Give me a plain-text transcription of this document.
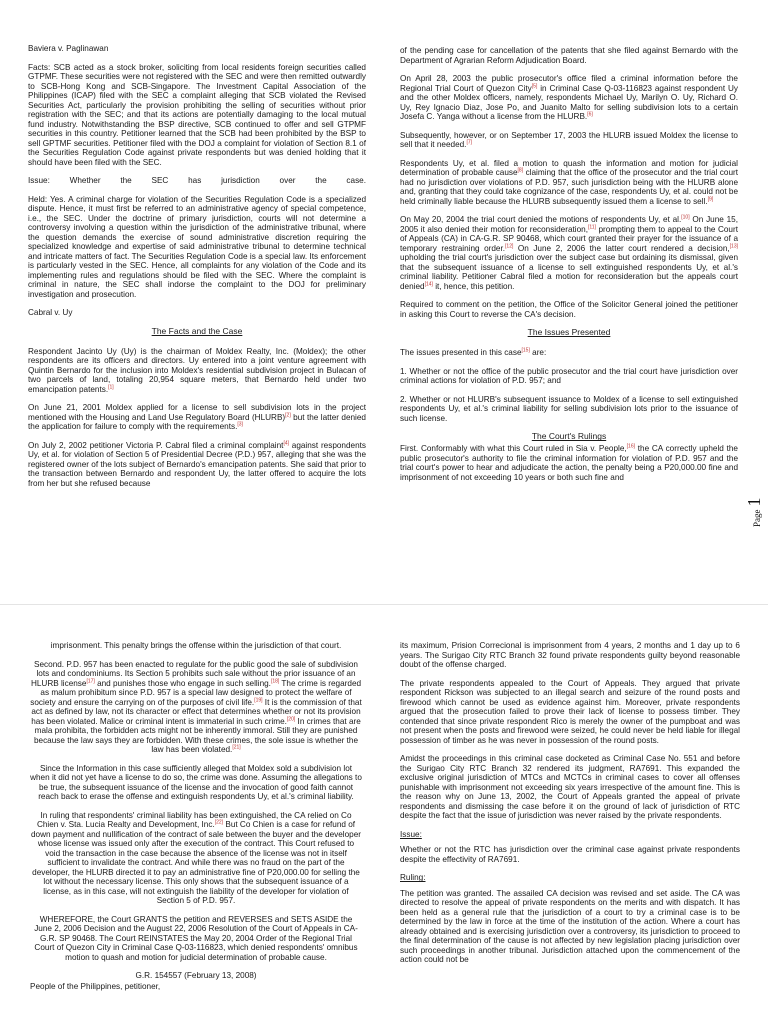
Baviera v. Paglinawan

Facts: SCB acted as a stock broker, soliciting from local residents foreign securities called GTPMF. These securities were not registered with the SEC and were then remitted outwardly to SCB-Hong Kong and SCB-Singapore. The Investment Capital Association of the Philippines (ICAP) filed with the SEC a complaint alleging that SCB violated the Revised Securities Act, particularly the provision prohibiting the selling of securities without prior registration with the SEC; and that its actions are potentially damaging to the local mutual fund industry. Notwithstanding the BSP directive, SCB continued to offer and sell GTPMF securities in this country. Petitioner learned that the SCB had been prohibited by the BSP to sell GPTMF securities. Petitioner filed with the DOJ a complaint for violation of Section 8.1 of the Securities Regulation Code against private respondents but was denied holding that it should have been filed with the SEC.

Issue: Whether the SEC has jurisdiction over the case.

Held: Yes. A criminal charge for violation of the Securities Regulation Code is a specialized dispute. Hence, it must first be referred to an administrative agency of special competence, i.e., the SEC. Under the doctrine of primary jurisdiction, courts will not determine a controversy involving a question within the jurisdiction of the administrative tribunal, where the question demands the exercise of sound administrative discretion requiring the specialized knowledge and expertise of said administrative tribunal to determine technical and intricate matters of fact. The Securities Regulation Code is a special law. Its enforcement is particularly vested in the SEC. Hence, all complaints for any violation of the Code and its implementing rules and regulations should be filed with the SEC. Where the complaint is criminal in nature, the SEC shall indorse the complaint to the DOJ for preliminary investigation and prosecution.

Cabral v. Uy

The Facts and the Case

Respondent Jacinto Uy (Uy) is the chairman of Moldex Realty, Inc. (Moldex); the other respondents are its officers and directors. Uy entered into a joint venture agreement with Quintin Bernardo for the inclusion into Moldex's residential subdivision project in Bulacan of two parcels of land, totaling 20,954 square meters, that Bernardo held under two emancipation patents.[1]

On June 21, 2001 Moldex applied for a license to sell subdivision lots in the project mentioned with the Housing and Land Use Regulatory Board (HLURB)[2] but the latter denied the application for failure to comply with the requirements.[3]

On July 2, 2002 petitioner Victoria P. Cabral filed a criminal complaint[4] against respondents Uy, et al. for violation of Section 5 of Presidential Decree (P.D.) 957, alleging that she was the registered owner of the lots subject of Bernardo's emancipation patents. She said that prior to the transaction between Bernardo and respondent Uy, the latter offered to acquire the lots from her but she refused because

of the pending case for cancellation of the patents that she filed against Bernardo with the Department of Agrarian Reform Adjudication Board.

On April 28, 2003 the public prosecutor's office filed a criminal information before the Regional Trial Court of Quezon City[5] in Criminal Case Q-03-116823 against respondent Uy and the other Moldex officers, namely, respondents Michael Uy, Marilyn O. Uy, Richard O. Uy, Rey Ignacio Diaz, Jose Po, and Juanito Malto for selling subdivision lots to a certain Josefa C. Yanga without a license from the HLURB.[6]

Subsequently, however, or on September 17, 2003 the HLURB issued Moldex the license to sell that it needed.[7]

Respondents Uy, et al. filed a motion to quash the information and motion for judicial determination of probable cause[8] claiming that the office of the prosecutor and the trial court had no jurisdiction over violations of P.D. 957, such jurisdiction being with the HLURB alone and, granting that they could take cognizance of the case, respondents Uy, et al. could not be held criminally liable because the HLURB subsequently issued them a license to sell.[9]

On May 20, 2004 the trial court denied the motions of respondents Uy, et al.[10] On June 15, 2005 it also denied their motion for reconsideration,[11] prompting them to appeal to the Court of Appeals (CA) in CA-G.R. SP 90468, which court granted their prayer for the issuance of a temporary restraining order.[12] On June 2, 2006 the latter court rendered a decision,[13] upholding the trial court's jurisdiction over the subject case but ordaining its dismissal, given that the subsequent issuance of a license to sell extinguished respondents Uy, et al.'s criminal liability. Petitioner Cabral filed a motion for reconsideration but the appeals court denied[14] it, hence, this petition.

Required to comment on the petition, the Office of the Solicitor General joined the petitioner in asking this Court to reverse the CA's decision.

The Issues Presented

The issues presented in this case[15] are:

1. Whether or not the office of the public prosecutor and the trial court have jurisdiction over criminal actions for violation of P.D. 957; and

2. Whether or not HLURB's subsequent issuance to Moldex of a license to sell extinguished respondents Uy, et al.'s criminal liability for selling subdivision lots prior to the issuance of such license.

The Court's Rulings

First. Conformably with what this Court ruled in Sia v. People,[16] the CA correctly upheld the public prosecutor's authority to file the criminal information for violation of P.D. 957 and the trial court's power to hear and adjudicate the action, the penalty being a P20,000.00 fine and imprisonment of not exceeding 10 years or both such fine and

Page1

imprisonment. This penalty brings the offense within the jurisdiction of that court.

Second. P.D. 957 has been enacted to regulate for the public good the sale of subdivision lots and condominiums. Its Section 5 prohibits such sale without the prior issuance of an HLURB license[17] and punishes those who engage in such selling.[18] The crime is regarded as malum prohibitum since P.D. 957 is a special law designed to protect the welfare of society and ensure the carrying on of the purposes of civil life.[19] It is the commission of that act as defined by law, not its character or effect that determines whether or not its provision has been violated. Malice or criminal intent is immaterial in such crime.[20] In crimes that are mala prohibita, the forbidden acts might not be inherently immoral. Still they are punished because the law says they are forbidden. With these crimes, the sole issue is whether the law has been violated.[21]

Since the Information in this case sufficiently alleged that Moldex sold a subdivision lot when it did not yet have a license to do so, the crime was done. Assuming the allegations to be true, the subsequent issuance of the license and the invocation of good faith cannot reach back to erase the offense and extinguish respondents Uy, et al.'s criminal liability.

In ruling that respondents' criminal liability has been extinguished, the CA relied on Co Chien v. Sta. Lucia Realty and Development, Inc.[22] But Co Chien is a case for refund of down payment and nullification of the contract of sale between the buyer and the developer whose license was issued only after the execution of the contract. This Court refused to void the transaction in the case because the absence of the license was not in itself sufficient to invalidate the contract. And while there was no fraud on the part of the developer, the HLURB directed it to pay an administrative fine of P20,000.00 for selling the lot without the necessary license. This only shows that the subsequent issuance of a license, as in this case, will not extinguish the liability of the developer for violation of Section 5 of P.D. 957.

WHEREFORE, the Court GRANTS the petition and REVERSES and SETS ASIDE the June 2, 2006 Decision and the August 22, 2006 Resolution of the Court of Appeals in CA-G.R. SP 90468. The Court REINSTATES the May 20, 2004 Order of the Regional Trial Court of Quezon City in Criminal Case Q-03-116823, which denied respondents' omnibus motion to quash and motion for judicial determination of probable cause.

G.R. 154557 (February 13, 2008)

People of the Philippines, petitioner,

its maximum, Prision Correcional is imprisonment from 4 years, 2 months and 1 day up to 6 years. The Surigao City RTC Branch 32 found private respondents guilty beyond reasonable doubt of the offense charged.

The private respondents appealed to the Court of Appeals. They argued that private respondent Rickson was subjected to an illegal search and seizure of the round posts and firewood which cannot be used as evidence against him. Moreover, private respondents argued that the prosecution failed to prove their lack of license to possess timber. They contended that since private respondent Rico is merely the owner of the pumpboat and was not present when the posts and firewood were seized, he could never be held liable for illegal possession of timber as he was never in possession of the round posts.

Amidst the proceedings in this criminal case docketed as Criminal Case No. 551 and before the Surigao City RTC Branch 32 rendered its judgment, RA7691. This expanded the exclusive original jurisdiction of MTCs and MCTCs in criminal cases to cover all offenses punishable with imprisonment not exceeding six years irrespective of the amount fine. This is the reason why on June 13, 2002, the Court of Appeals granted the appeal of private respondents and dismissing the case before it on the ground of lack of jurisdiction of RTC despite the fact that the issue of jurisdiction was never raised by the private respondents.

Issue:

Whether or not the RTC has jurisdiction over the criminal case against private respondents despite the effectivity of RA7691.

Ruling:

The petition was granted. The assailed CA decision was revised and set aside. The CA was directed to resolve the appeal of private respondents on the merits and with dispatch. It has been held as a general rule that the jurisdiction of a court to try a criminal case is to be determined by the law in force at the time of the institution of the action. Where a court has already obtained and is exercising jurisdiction over a controversy, its jurisdiction to proceed to the final determination of the cause is not affected by new legislation placing jurisdiction over such proceedings in another tribunal. Jurisdiction attached upon the commencement of the action could not be
